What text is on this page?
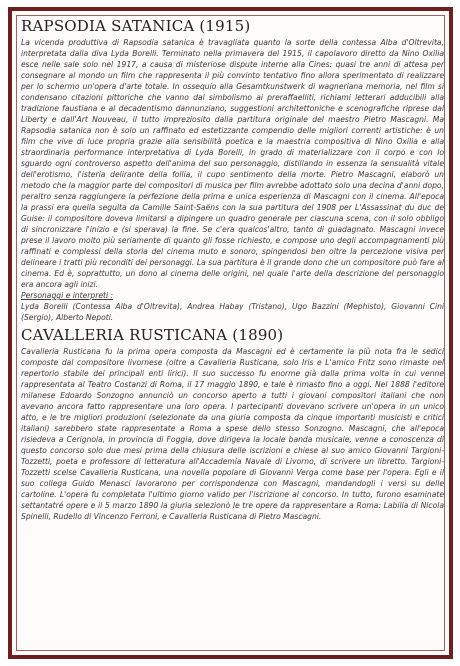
RAPSODIA SATANICA (1915)

La vicenda produttiva di Rapsodia satanica è travagliata quanto la sorte della contessa Alba d'Oltrevita, interpretata dalla diva Lyda Borelli. Terminato nella primavera del 1915, il capolavoro diretto da Nino Oxilia esce nelle sale solo nel 1917, a causa di misteriose dispute interne alla Cines: quasi tre anni di attesa per consegnare al mondo un film che rappresenta il più convinto tentativo fino allora sperimentato di realizzare per lo schermo un'opera d'arte totale. In ossequio alla Gesamtkunstwerk di wagneriana memoria, nel film si condensano citazioni pittoriche che vanno dal simbolismo ai preraffaelliti, richiami letterari adducibili alla tradizione faustiana e al decadentismo dannunziano, suggestioni architettoniche e scenografiche riprese dal Liberty e dall'Art Nouveau, il tutto impreziosito dalla partitura originale del maestro Pietro Mascagni. Ma Rapsodia satanica non è solo un raffinato ed estetizzante compendio delle migliori correnti artistiche: è un film che vive di luce propria grazie alla sensibilità poetica e la maestria compositiva di Nino Oxilia e alla straordinaria performance interpretativa di Lyda Borelli, in grado di materializzare con il corpo e con lo sguardo ogni controverso aspetto dell'anima del suo personaggio, distillando in essenza la sensualità vitale dell'erotismo, l'isteria delirante della follia, il cupo sentimento della morte. Pietro Mascagni, elaborò un metodo che la maggior parte dei compositori di musica per film avrebbe adottato solo una decina d'anni dopo, peraltro senza raggiungere la perfezione della prima e unica esperienza di Mascagni con il cinema. All'epoca la prassi era quella seguita da Camille Saint-Saëns con la sua partitura del 1908 per L'Assassinat du duc de Guise: il compositore doveva limitarsi a dipingere un quadro generale per ciascuna scena, con il solo obbligo di sincronizzare l'inizio e (si sperava) la fine. Se c'era qualcos'altro, tanto di guadagnato. Mascagni invece prese il lavoro molto più seriamente di quanto gli fosse richiesto, e compose uno degli accompagnamenti più raffinati e complessi della storia del cinema muto e sonoro, spingendosi ben oltre la percezione visiva per delineare i tratti più reconditi dei personaggi. La sua partitura è il grande dono che un compositore può fare al cinema. Ed è, soprattutto, un dono al cinema delle origini, nel quale l'arte della descrizione del personaggio era ancora agli inizi.

Personaggi e interpreti :

Lyda Borelli (Contessa Alba d'Oltrevita), Andrea Habay (Tristano), Ugo Bazzini (Mephisto), Giovanni Cini (Sergio), Alberto Nepoti.

CAVALLERIA RUSTICANA (1890)

Cavalleria Rusticana fu la prima opera composta da Mascagni ed è certamente la più nota fra le sedici composte dal compositore livornese (oltre a Cavalleria Rusticana, solo Iris e L'amico Fritz sono rimaste nel repertorio stabile dei principali enti lirici). Il suo successo fu enorme già dalla prima volta in cui venne rappresentata al Teatro Costanzi di Roma, il 17 maggio 1890, e tale è rimasto fino a oggi. Nel 1888 l'editore milanese Edoardo Sonzogno annunciò un concorso aperto a tutti i giovani compositori italiani che non avevano ancora fatto rappresentare una loro opera. I partecipanti dovevano scrivere un'opera in un unico atto, e le tre migliori produzioni (selezionate da una giuria composta da cinque importanti musicisti e critici italiani) sarebbero state rappresentate a Roma a spese dello stesso Sonzogno. Mascagni, che all'epoca risiedeva a Cerignola, in provincia di Foggia, dove dirigeva la locale banda musicale, venne a conoscenza di questo concorso solo due mesi prima della chiusura delle iscrizioni e chiese al suo amico Giovanni Targioni-Tozzetti, poeta e professore di letteratura all'Accademia Navale di Livorno, di scrivere un libretto. Targioni-Tozzetti scelse Cavalleria Rusticana, una novella popolare di Giovanni Verga come base per l'opera. Egli e il suo collega Guido Menasci lavorarono per corrispondenza con Mascagni, mandandogli i versi su delle cartoline. L'opera fu completata l'ultimo giorno valido per l'iscrizione al concorso. In tutto, furono esaminate settantatré opere e il 5 marzo 1890 la giuria selezionò le tre opere da rappresentare a Roma: Labilia di Nicola Spinelli, Rudello di Vincenzo Ferroni, e Cavalleria Rusticana di Pietro Mascagni.
